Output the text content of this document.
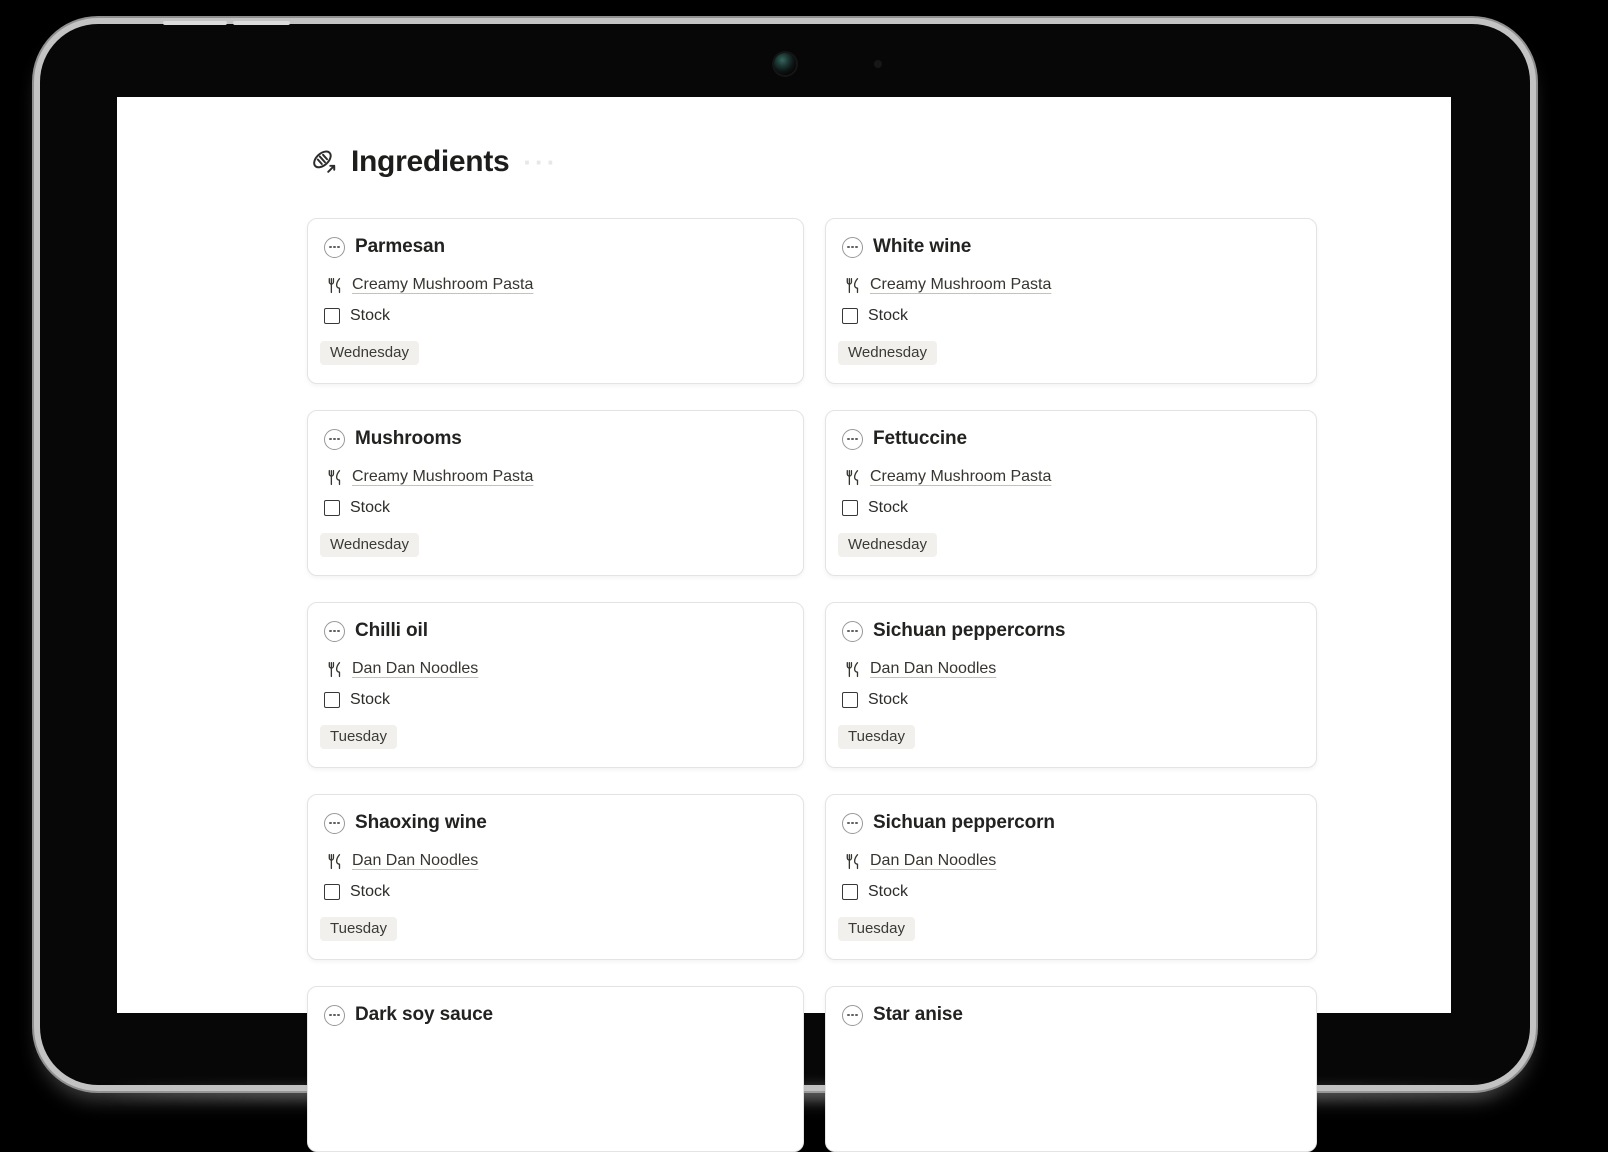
Ingredients ···
Parmesan
Creamy Mushroom Pasta
Stock
Wednesday
White wine
Creamy Mushroom Pasta
Stock
Wednesday
Mushrooms
Creamy Mushroom Pasta
Stock
Wednesday
Fettuccine
Creamy Mushroom Pasta
Stock
Wednesday
Chilli oil
Dan Dan Noodles
Stock
Tuesday
Sichuan peppercorns
Dan Dan Noodles
Stock
Tuesday
Shaoxing wine
Dan Dan Noodles
Stock
Tuesday
Sichuan peppercorn
Dan Dan Noodles
Stock
Tuesday
Dark soy sauce	Star anise
